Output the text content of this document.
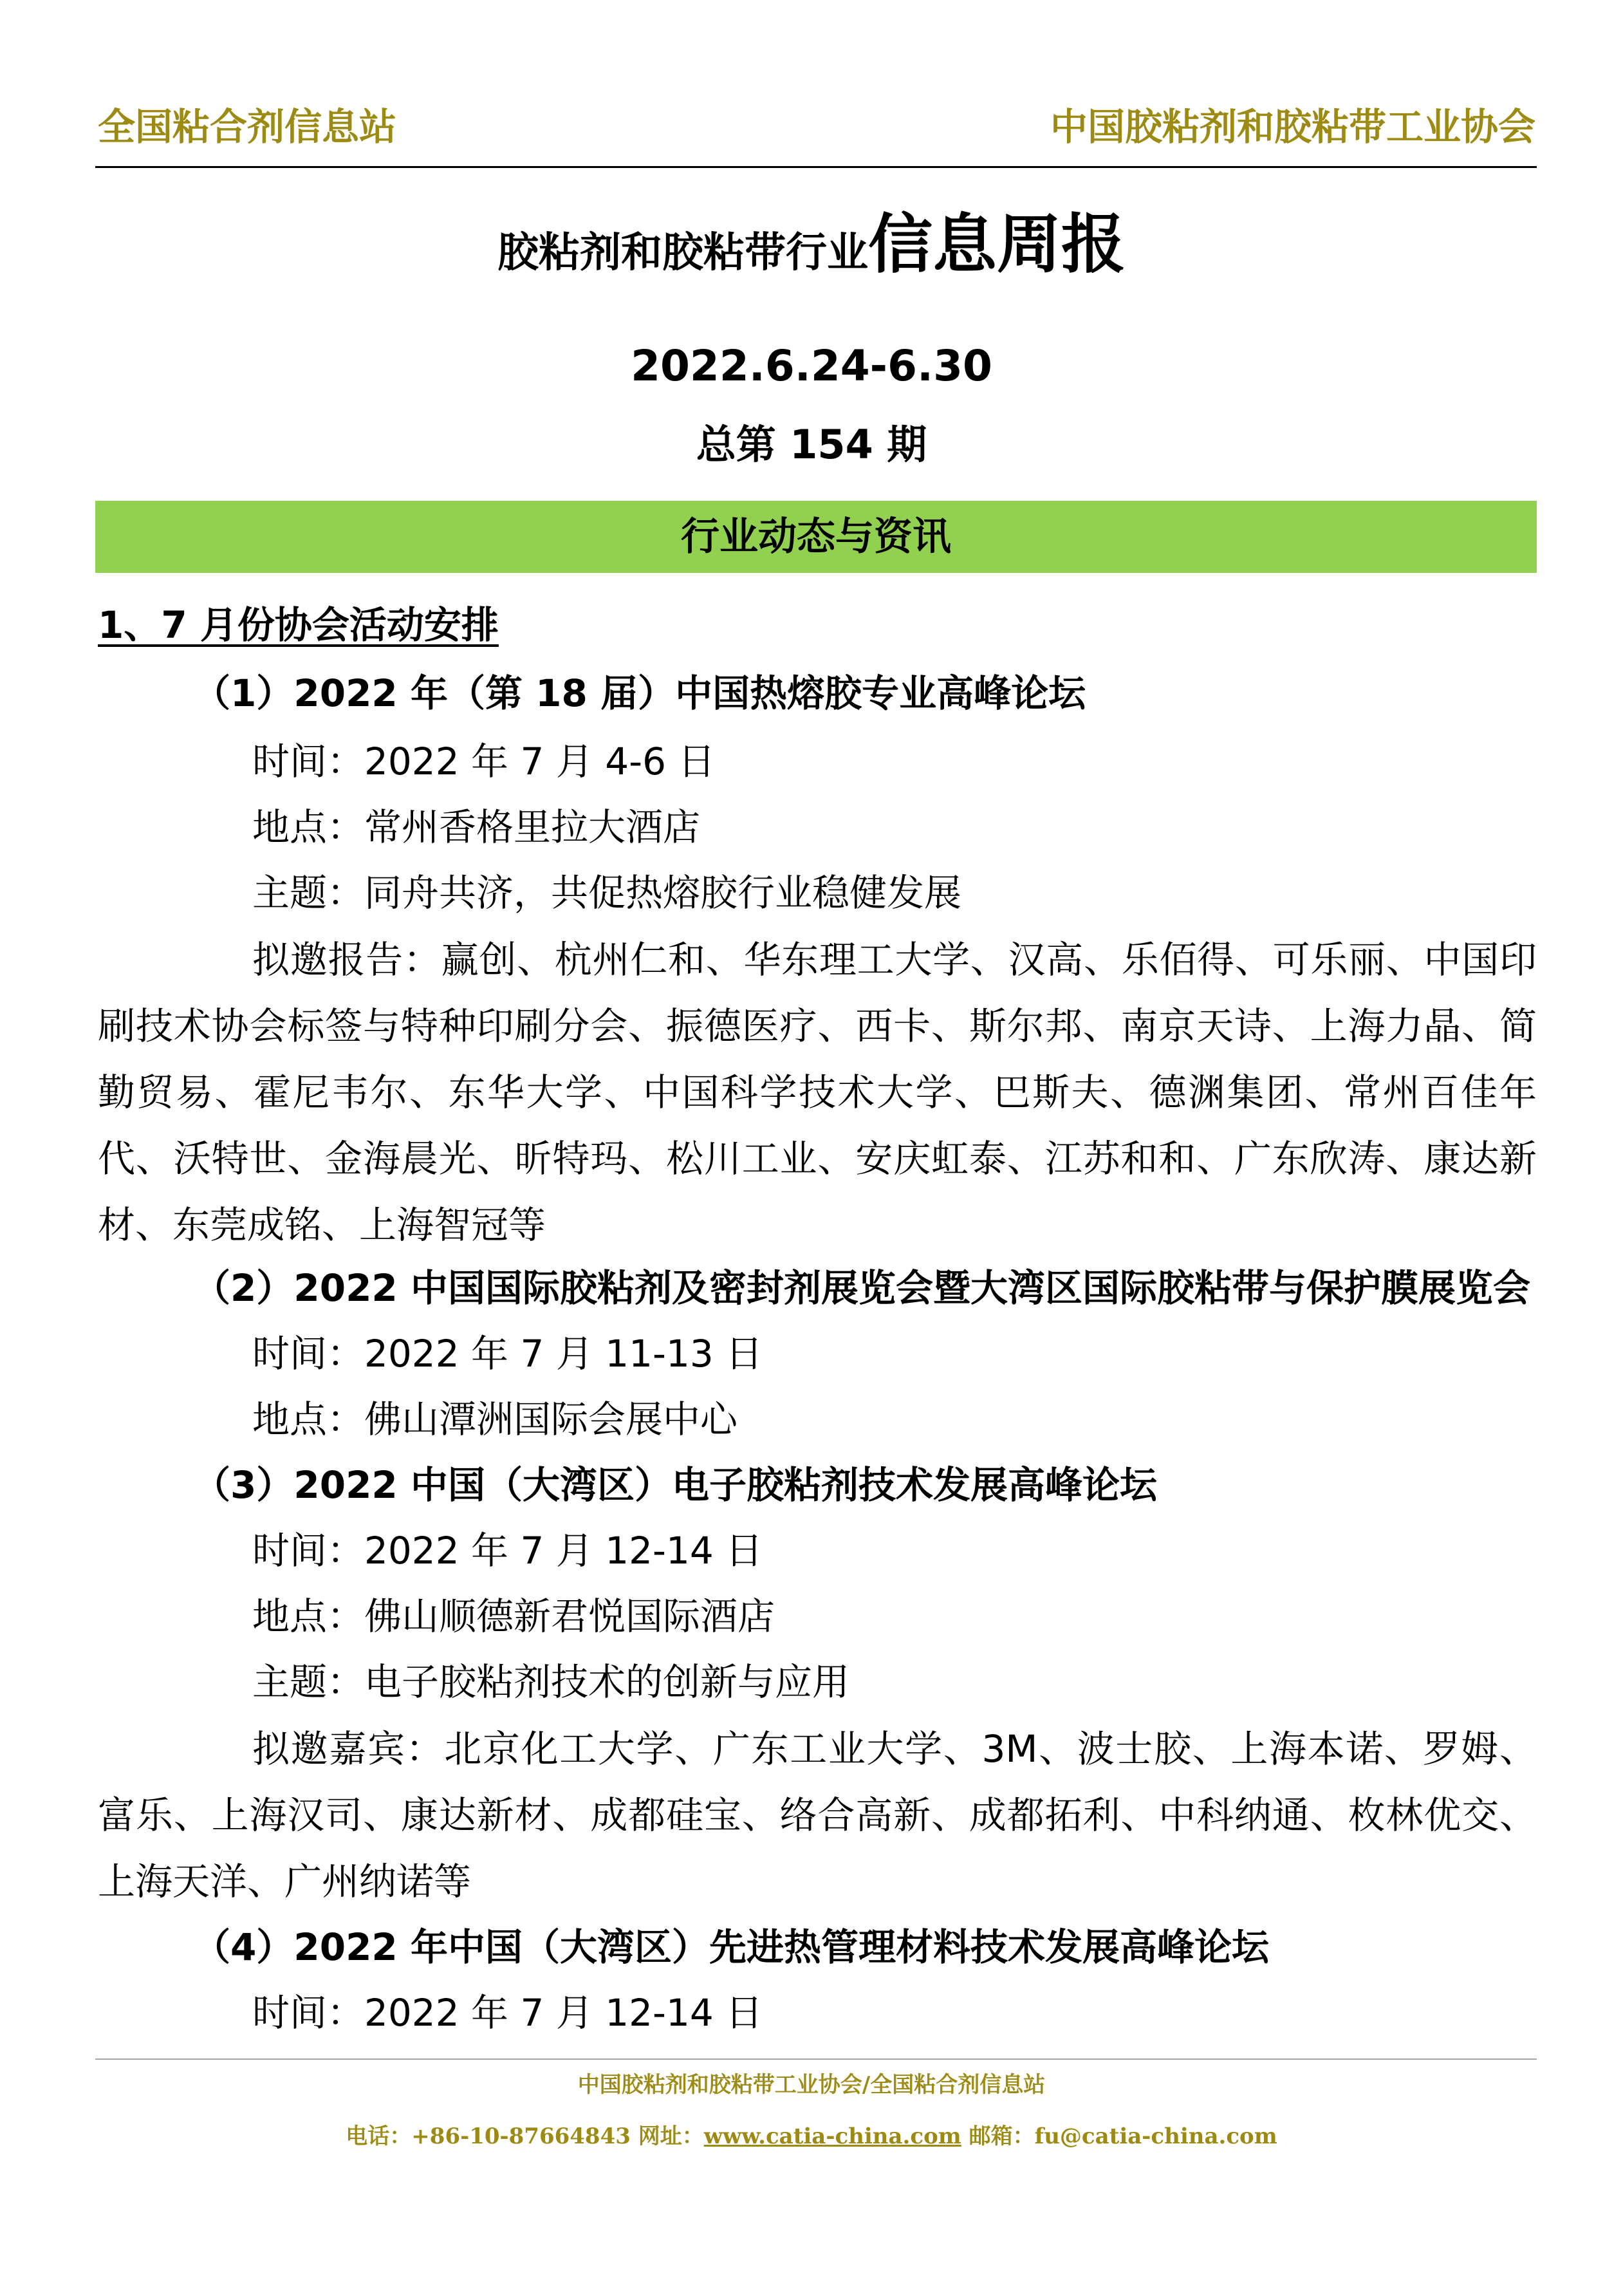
全国粘合剂信息站	中国胶粘剂和胶粘带工业协会
胶粘剂和胶粘带行业信息周报
2022.6.24-6.30
总第 154 期
行业动态与资讯
1、7 月份协会活动安排
（1）2022 年（第 18 届）中国热熔胶专业高峰论坛
时间：2022 年 7 月 4-6 日
地点：常州香格里拉大酒店
主题：同舟共济，共促热熔胶行业稳健发展
拟邀报告：赢创、杭州仁和、华东理工大学、汉高、乐佰得、可乐丽、中国印刷技术协会标签与特种印刷分会、振德医疗、西卡、斯尔邦、南京天诗、上海力晶、简勤贸易、霍尼韦尔、东华大学、中国科学技术大学、巴斯夫、德渊集团、常州百佳年代、沃特世、金海晨光、昕特玛、松川工业、安庆虹泰、江苏和和、广东欣涛、康达新材、东莞成铭、上海智冠等
（2）2022 中国国际胶粘剂及密封剂展览会暨大湾区国际胶粘带与保护膜展览会
时间：2022 年 7 月 11-13 日
地点：佛山潭洲国际会展中心
（3）2022 中国（大湾区）电子胶粘剂技术发展高峰论坛
时间：2022 年 7 月 12-14 日
地点：佛山顺德新君悦国际酒店
主题：电子胶粘剂技术的创新与应用
拟邀嘉宾：北京化工大学、广东工业大学、3M、波士胶、上海本诺、罗姆、富乐、上海汉司、康达新材、成都硅宝、络合高新、成都拓利、中科纳通、枚林优交、上海天洋、广州纳诺等
（4）2022 年中国（大湾区）先进热管理材料技术发展高峰论坛
时间：2022 年 7 月 12-14 日
中国胶粘剂和胶粘带工业协会/全国粘合剂信息站
电话：+86-10-87664843 网址：www.catia-china.com 邮箱：fu@catia-china.com
